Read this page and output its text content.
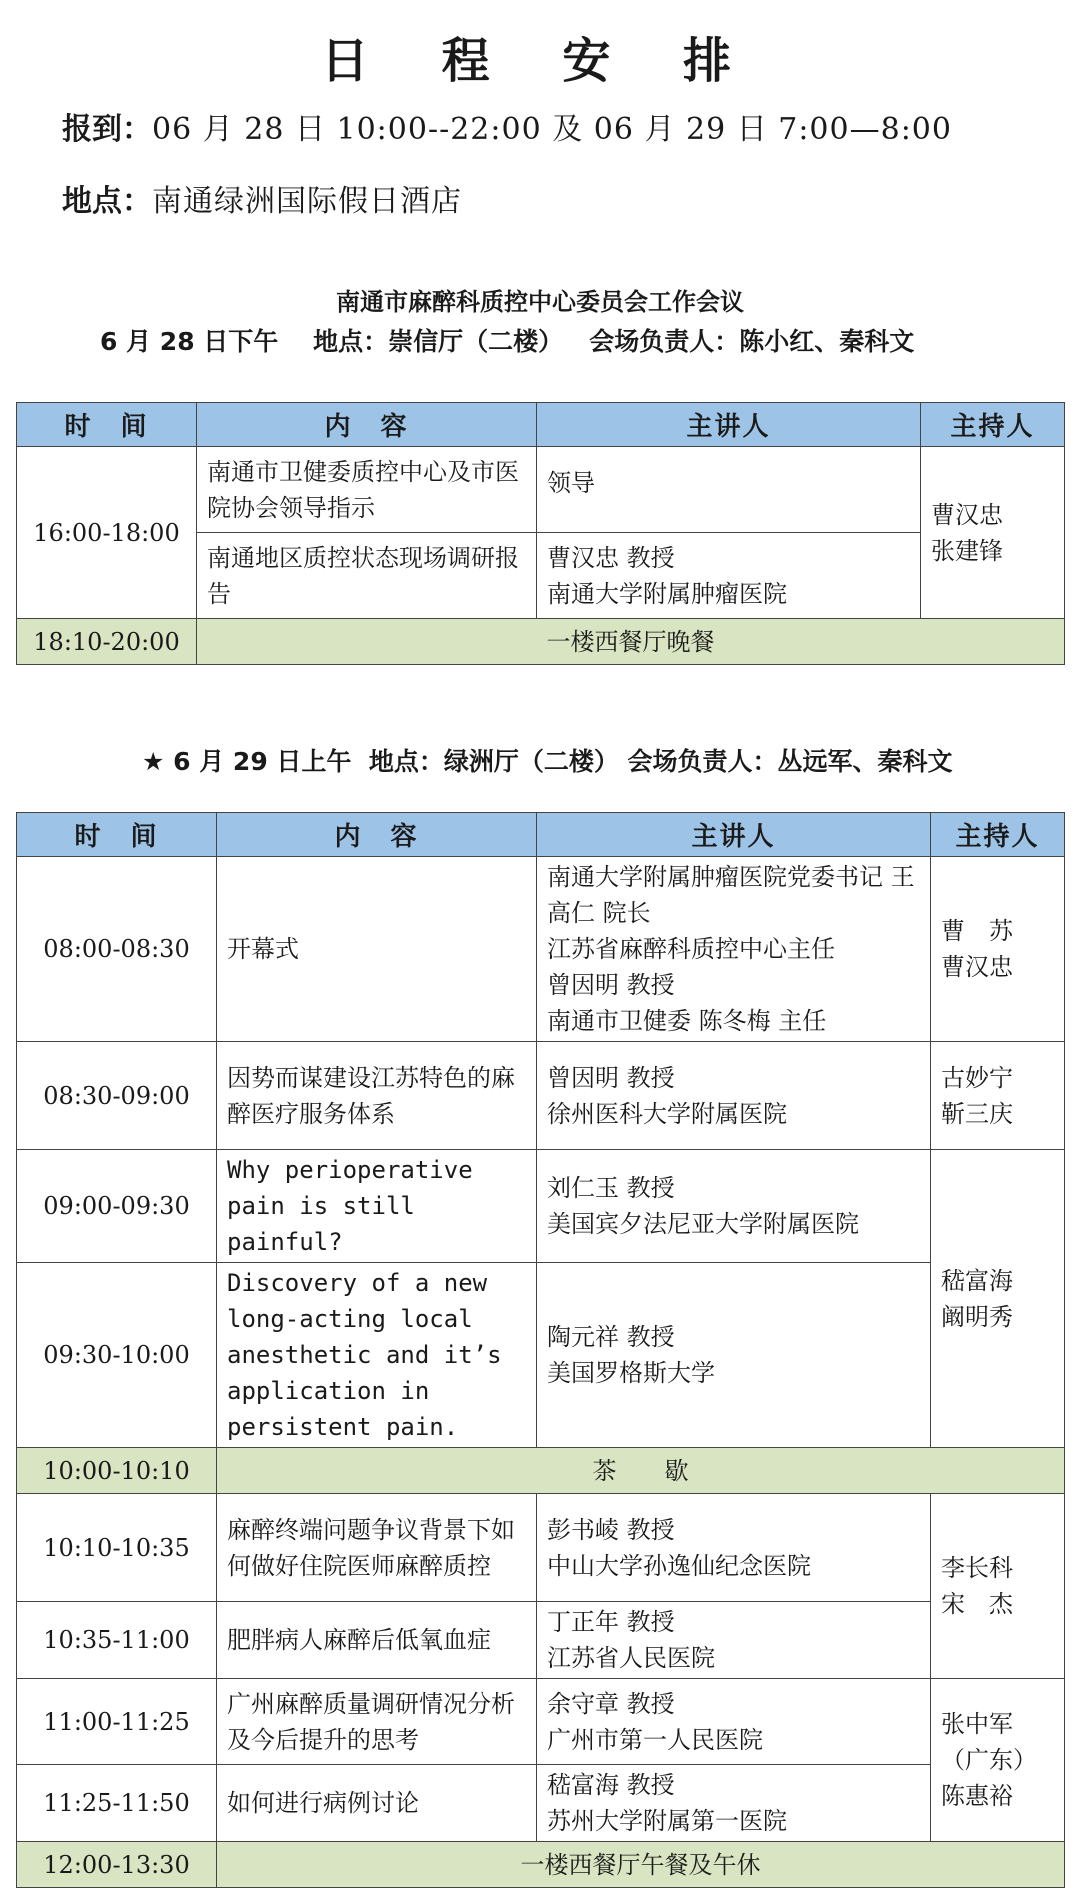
日 程 安 排
报到：06 月 28 日 10:00--22:00 及 06 月 29 日 7:00—8:00
地点：南通绿洲国际假日酒店
南通市麻醉科质控中心委员会工作会议
6 月 28 日下午    地点：崇信厅（二楼）   会场负责人：陈小红、秦科文
时　间	内　容	主讲人	主持人
16:00-18:00	南通市卫健委质控中心及市医院协会领导指示	领导	曹汉忠
张建锋
	南通地区质控状态现场调研报告	曹汉忠 教授
南通大学附属肿瘤医院	
18:10-20:00	一楼西餐厅晚餐		
★ 6 月 29 日上午  地点：绿洲厅（二楼） 会场负责人：丛远军、秦科文
时　间	内　容	主讲人	主持人
08:00-08:30	开幕式	南通大学附属肿瘤医院党委书记 王高仁 院长
江苏省麻醉科质控中心主任
曾因明 教授
南通市卫健委 陈冬梅 主任	曹　苏
曹汉忠
08:30-09:00	因势而谋建设江苏特色的麻醉医疗服务体系	曾因明 教授
徐州医科大学附属医院	古妙宁
靳三庆
09:00-09:30	Why perioperative pain is still painful?	刘仁玉 教授
美国宾夕法尼亚大学附属医院	嵇富海
阚明秀
09:30-10:00	Discovery of a new long-acting local anesthetic and it’s application in persistent pain.	陶元祥 教授
美国罗格斯大学	
10:00-10:10	茶　　歇		
10:10-10:35	麻醉终端问题争议背景下如何做好住院医师麻醉质控	彭书崚 教授
中山大学孙逸仙纪念医院	李长科
宋　杰
10:35-11:00	肥胖病人麻醉后低氧血症	丁正年 教授
江苏省人民医院	
11:00-11:25	广州麻醉质量调研情况分析及今后提升的思考	余守章 教授
广州市第一人民医院	张中军
（广东）
陈惠裕
11:25-11:50	如何进行病例讨论	嵇富海 教授
苏州大学附属第一医院	
12:00-13:30	一楼西餐厅午餐及午休		
